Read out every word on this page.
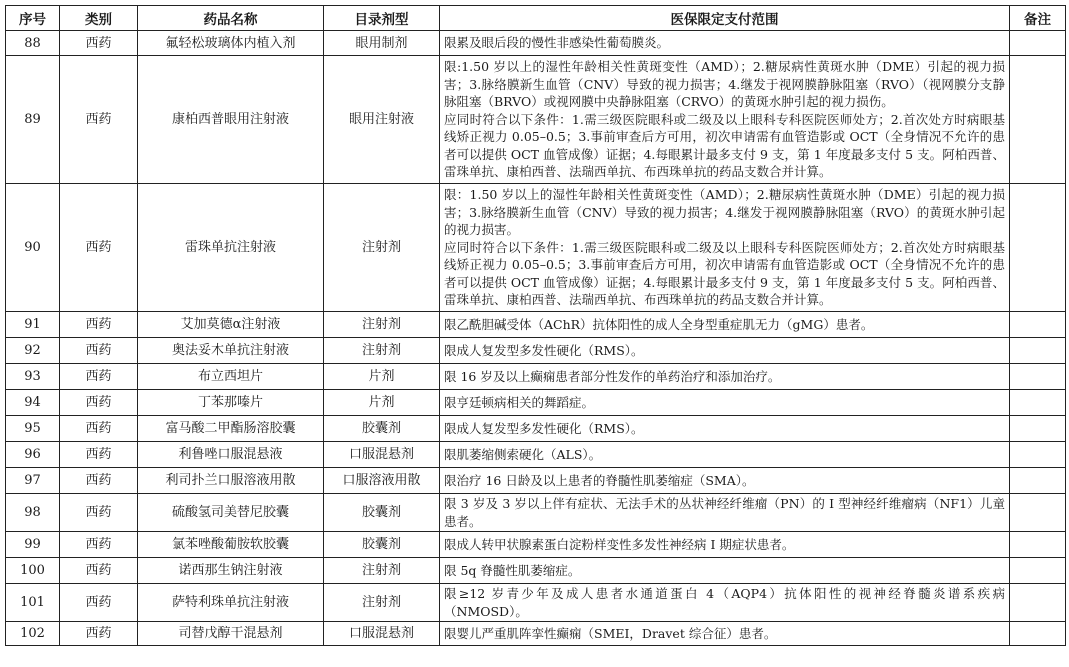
序号	类别	药品名称	目录剂型	医保限定支付范围	备注
88	西药	氟轻松玻璃体内植入剂	眼用制剂	限累及眼后段的慢性非感染性葡萄膜炎。	
89	西药	康柏西普眼用注射液	眼用注射液	限:1.50 岁以上的湿性年龄相关性黄斑变性（AMD）；2.糖尿病性黄斑水肿（DME）引起的视力损害；3.脉络膜新生血管（CNV）导致的视力损害；4.继发于视网膜静脉阻塞（RVO）（视网膜分支静脉阻塞（BRVO）或视网膜中央静脉阻塞（CRVO）的黄斑水肿引起的视力损伤。
应同时符合以下条件：1.需三级医院眼科或二级及以上眼科专科医院医师处方；2.首次处方时病眼基线矫正视力 0.05–0.5；3.事前审查后方可用，初次申请需有血管造影或 OCT（全身情况不允许的患者可以提供 OCT 血管成像）证据；4.每眼累计最多支付 9 支，第 1 年度最多支付 5 支。阿柏西普、雷珠单抗、康柏西普、法瑞西单抗、布西珠单抗的药品支数合并计算。	
90	西药	雷珠单抗注射液	注射剂	限：1.50 岁以上的湿性年龄相关性黄斑变性（AMD）；2.糖尿病性黄斑水肿（DME）引起的视力损害；3.脉络膜新生血管（CNV）导致的视力损害；4.继发于视网膜静脉阻塞（RVO）的黄斑水肿引起的视力损害。
应同时符合以下条件：1.需三级医院眼科或二级及以上眼科专科医院医师处方；2.首次处方时病眼基线矫正视力 0.05–0.5；3.事前审查后方可用，初次申请需有血管造影或 OCT（全身情况不允许的患者可以提供 OCT 血管成像）证据；4.每眼累计最多支付 9 支，第 1 年度最多支付 5 支。阿柏西普、雷珠单抗、康柏西普、法瑞西单抗、布西珠单抗的药品支数合并计算。	
91	西药	艾加莫德α注射液	注射剂	限乙酰胆碱受体（AChR）抗体阳性的成人全身型重症肌无力（gMG）患者。	
92	西药	奥法妥木单抗注射液	注射剂	限成人复发型多发性硬化（RMS）。	
93	西药	布立西坦片	片剂	限 16 岁及以上癫痫患者部分性发作的单药治疗和添加治疗。	
94	西药	丁苯那嗪片	片剂	限亨廷顿病相关的舞蹈症。	
95	西药	富马酸二甲酯肠溶胶囊	胶囊剂	限成人复发型多发性硬化（RMS）。	
96	西药	利鲁唑口服混悬液	口服混悬剂	限肌萎缩侧索硬化（ALS）。	
97	西药	利司扑兰口服溶液用散	口服溶液用散	限治疗 16 日龄及以上患者的脊髓性肌萎缩症（SMA）。	
98	西药	硫酸氢司美替尼胶囊	胶囊剂	限 3 岁及 3 岁以上伴有症状、无法手术的丛状神经纤维瘤（PN）的 I 型神经纤维瘤病（NF1）儿童患者。	
99	西药	氯苯唑酸葡胺软胶囊	胶囊剂	限成人转甲状腺素蛋白淀粉样变性多发性神经病 I 期症状患者。	
100	西药	诺西那生钠注射液	注射剂	限 5q 脊髓性肌萎缩症。	
101	西药	萨特利珠单抗注射液	注射剂	限≥12 岁青少年及成人患者水通道蛋白 4（AQP4）抗体阳性的视神经脊髓炎谱系疾病（NMOSD）。	
102	西药	司替戊醇干混悬剂	口服混悬剂	限婴儿严重肌阵挛性癫痫（SMEI，Dravet 综合征）患者。	
